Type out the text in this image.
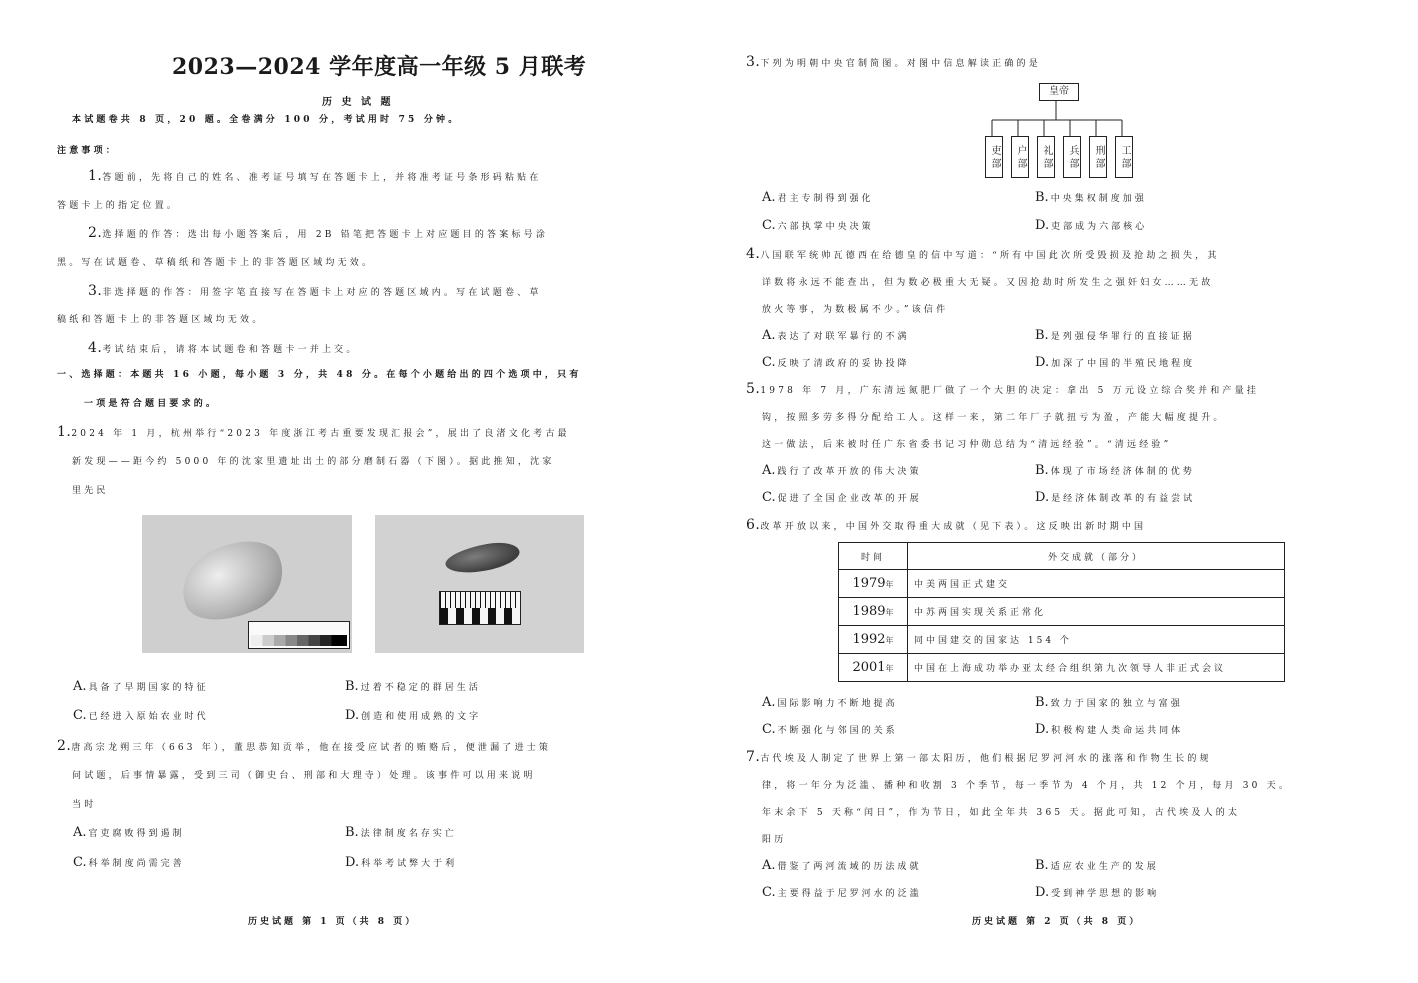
2023—2024 学年度高一年级 5 月联考
历 史 试 题
本试题卷共 8 页，20 题。全卷满分 100 分，考试用时 75 分钟。
注意事项：
1.答题前，先将自己的姓名、准考证号填写在答题卡上，并将准考证号条形码粘贴在
答题卡上的指定位置。
2.选择题的作答：选出每小题答案后，用 2B 铅笔把答题卡上对应题目的答案标号涂
黑。写在试题卷、草稿纸和答题卡上的非答题区域均无效。
3.非选择题的作答：用签字笔直接写在答题卡上对应的答题区域内。写在试题卷、草
稿纸和答题卡上的非答题区域均无效。
4.考试结束后，请将本试题卷和答题卡一并上交。
一、选择题：本题共 16 小题，每小题 3 分，共 48 分。在每个小题给出的四个选项中，只有
一项是符合题目要求的。
1.2024 年 1 月，杭州举行“2023 年度浙江考古重要发现汇报会”，展出了良渚文化考古最
新发现——距今约 5000 年的沈家里遗址出土的部分磨制石器（下图）。据此推知，沈家
里先民
A. 具备了早期国家的特征	B. 过着不稳定的群居生活
C. 已经进入原始农业时代	D. 创造和使用成熟的文字
2.唐高宗龙朔三年（663 年），董思恭知贡举，他在接受应试者的贿赂后，便泄漏了进士策
问试题，后事情暴露，受到三司（御史台、刑部和大理寺）处理。该事件可以用来说明
当时
A. 官吏腐败得到遏制	B. 法律制度名存实亡
C. 科举制度尚需完善	D. 科举考试弊大于利
历史试题 第 1 页（共 8 页）
3.下列为明朝中央官制简图。对图中信息解读正确的是
皇帝
吏部	户部	礼部	兵部	刑部	工部
A. 君主专制得到强化	B. 中央集权制度加强
C. 六部执掌中央决策	D. 吏部成为六部核心
4.八国联军统帅瓦德西在给德皇的信中写道：“所有中国此次所受毁损及抢劫之损失，其
详数将永远不能查出，但为数必极重大无疑。又因抢劫时所发生之强奸妇女……无故
放火等事，为数极属不少。”该信件
A. 表达了对联军暴行的不满	B. 是列强侵华罪行的直接证据
C. 反映了清政府的妥协投降	D. 加深了中国的半殖民地程度
5.1978 年 7 月，广东清远氮肥厂做了一个大胆的决定：拿出 5 万元设立综合奖并和产量挂
钩，按照多劳多得分配给工人。这样一来，第二年厂子就扭亏为盈，产能大幅度提升。
这一做法，后来被时任广东省委书记习仲勋总结为“清远经验”。“清远经验”
A. 践行了改革开放的伟大决策	B. 体现了市场经济体制的优势
C. 促进了全国企业改革的开展	D. 是经济体制改革的有益尝试
6.改革开放以来，中国外交取得重大成就（见下表）。这反映出新时期中国
时间	外交成就（部分）
1979年	中美两国正式建交
1989年	中苏两国实现关系正常化
1992年	同中国建交的国家达 154 个
2001年	中国在上海成功举办亚太经合组织第九次领导人非正式会议
A. 国际影响力不断地提高	B. 致力于国家的独立与富强
C. 不断强化与邻国的关系	D. 积极构建人类命运共同体
7.古代埃及人制定了世界上第一部太阳历，他们根据尼罗河河水的涨落和作物生长的规
律，将一年分为泛滥、播种和收割 3 个季节，每一季节为 4 个月，共 12 个月，每月 30 天。
年末余下 5 天称“闰日”，作为节日，如此全年共 365 天。据此可知，古代埃及人的太
阳历
A. 借鉴了两河流域的历法成就	B. 适应农业生产的发展
C. 主要得益于尼罗河水的泛滥	D. 受到神学思想的影响
历史试题 第 2 页（共 8 页）
